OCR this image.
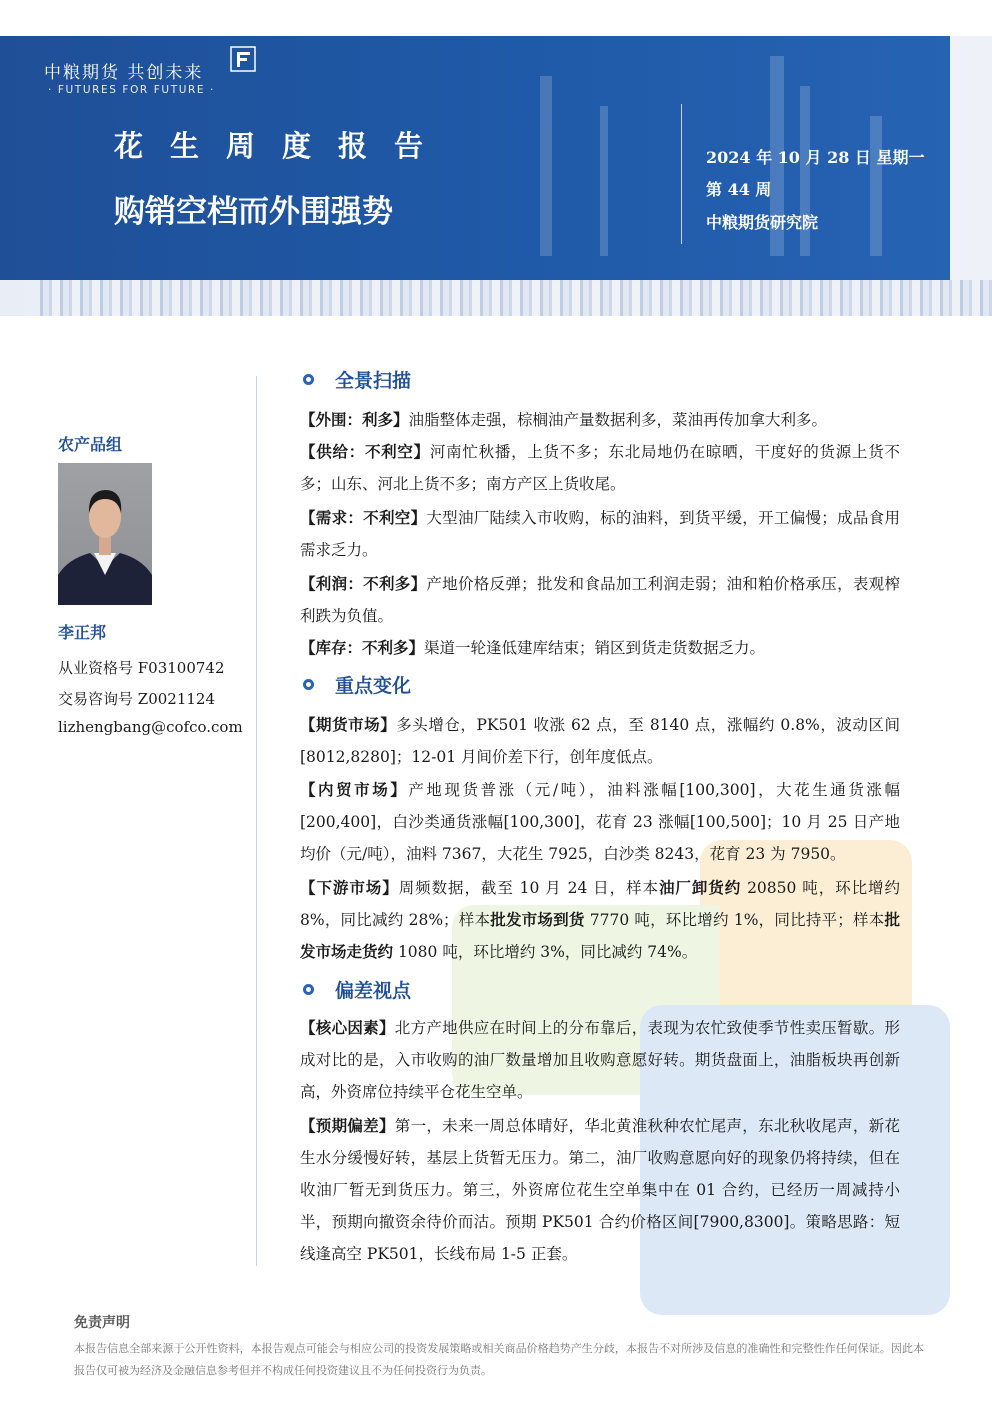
中粮期货 共创未来
· FUTURES FOR FUTURE ·
花生周度报告
购销空档而外围强势
2024 年 10 月 28 日 星期一
第 44 周
中粮期货研究院
农产品组
李正邦
从业资格号 F03100742
交易咨询号 Z0021124
lizhengbang@cofco.com
全景扫描
【外围：利多】油脂整体走强，棕榈油产量数据利多，菜油再传加拿大利多。
【供给：不利空】河南忙秋播，上货不多；东北局地仍在晾晒，干度好的货源上货不多；山东、河北上货不多；南方产区上货收尾。
【需求：不利空】大型油厂陆续入市收购，标的油料，到货平缓，开工偏慢；成品食用需求乏力。
【利润：不利多】产地价格反弹；批发和食品加工利润走弱；油和粕价格承压，表观榨利跌为负值。
【库存：不利多】渠道一轮逢低建库结束；销区到货走货数据乏力。
重点变化
【期货市场】多头增仓，PK501 收涨 62 点，至 8140 点，涨幅约 0.8%，波动区间[8012,8280]；12-01 月间价差下行，创年度低点。
【内贸市场】产地现货普涨（元/吨），油料涨幅[100,300]，大花生通货涨幅[200,400]，白沙类通货涨幅[100,300]，花育 23 涨幅[100,500]；10 月 25 日产地均价（元/吨），油料 7367，大花生 7925，白沙类 8243，花育 23 为 7950。
【下游市场】周频数据，截至 10 月 24 日，样本油厂卸货约 20850 吨，环比增约 8%，同比减约 28%；样本批发市场到货 7770 吨，环比增约 1%，同比持平；样本批发市场走货约 1080 吨，环比增约 3%，同比减约 74%。
偏差视点
【核心因素】北方产地供应在时间上的分布靠后，表现为农忙致使季节性卖压暂歇。形成对比的是，入市收购的油厂数量增加且收购意愿好转。期货盘面上，油脂板块再创新高，外资席位持续平仓花生空单。
【预期偏差】第一，未来一周总体晴好，华北黄淮秋种农忙尾声，东北秋收尾声，新花生水分缓慢好转，基层上货暂无压力。第二，油厂收购意愿向好的现象仍将持续，但在收油厂暂无到货压力。第三，外资席位花生空单集中在 01 合约，已经历一周减持小半，预期向撤资余待价而沽。预期 PK501 合约价格区间[7900,8300]。策略思路：短线逢高空 PK501，长线布局 1-5 正套。
免责声明
本报告信息全部来源于公开性资料，本报告观点可能会与相应公司的投资发展策略或相关商品价格趋势产生分歧，本报告不对所涉及信息的准确性和完整性作任何保证。因此本报告仅可被为经济及金融信息参考但并不构成任何投资建议且不为任何投资行为负责。
